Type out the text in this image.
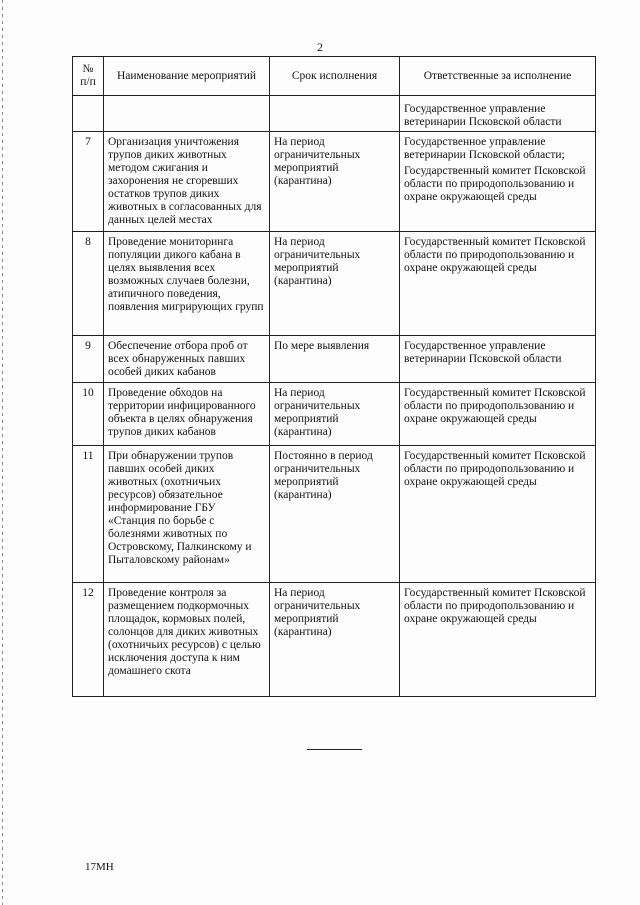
2
№
п/п	Наименование мероприятий	Срок исполнения	Ответственные за исполнение

			Государственное управление ветеринарии Псковской области

7	Организация уничтожения трупов диких животных методом сжигания и захоронения не сгоревших остатков трупов диких животных в согласованных для данных целей местах	На период ограничительных мероприятий (карантина)	Государственное управление ветеринарии Псковской области;
Государственный комитет Псковской области по природопользованию и охране окружающей среды

8	Проведение мониторинга популяции дикого кабана в целях выявления всех возможных случаев болезни, атипичного поведения, появления мигрирующих групп	На период ограничительных мероприятий (карантина)	Государственный комитет Псковской области по природопользованию и охране окружающей среды

9	Обеспечение отбора проб от всех обнаруженных павших особей диких кабанов	По мере выявления	Государственное управление ветеринарии Псковской области

10	Проведение обходов на территории инфицированного объекта в целях обнаружения трупов диких кабанов	На период ограничительных мероприятий (карантина)	Государственный комитет Псковской области по природопользованию и охране окружающей среды

11	При обнаружении трупов павших особей диких животных (охотничьих ресурсов) обязательное информирование ГБУ «Станция по борьбе с болезнями животных по Островскому, Палкинскому и Пыталовскому районам»	Постоянно в период ограничительных мероприятий (карантина)	Государственный комитет Псковской области по природопользованию и охране окружающей среды

12	Проведение контроля за размещением подкормочных площадок, кормовых полей, солонцов для диких животных (охотничьих ресурсов) с целью исключения доступа к ним домашнего скота	На период ограничительных мероприятий (карантина)	Государственный комитет Псковской области по природопользованию и охране окружающей среды
17МН
